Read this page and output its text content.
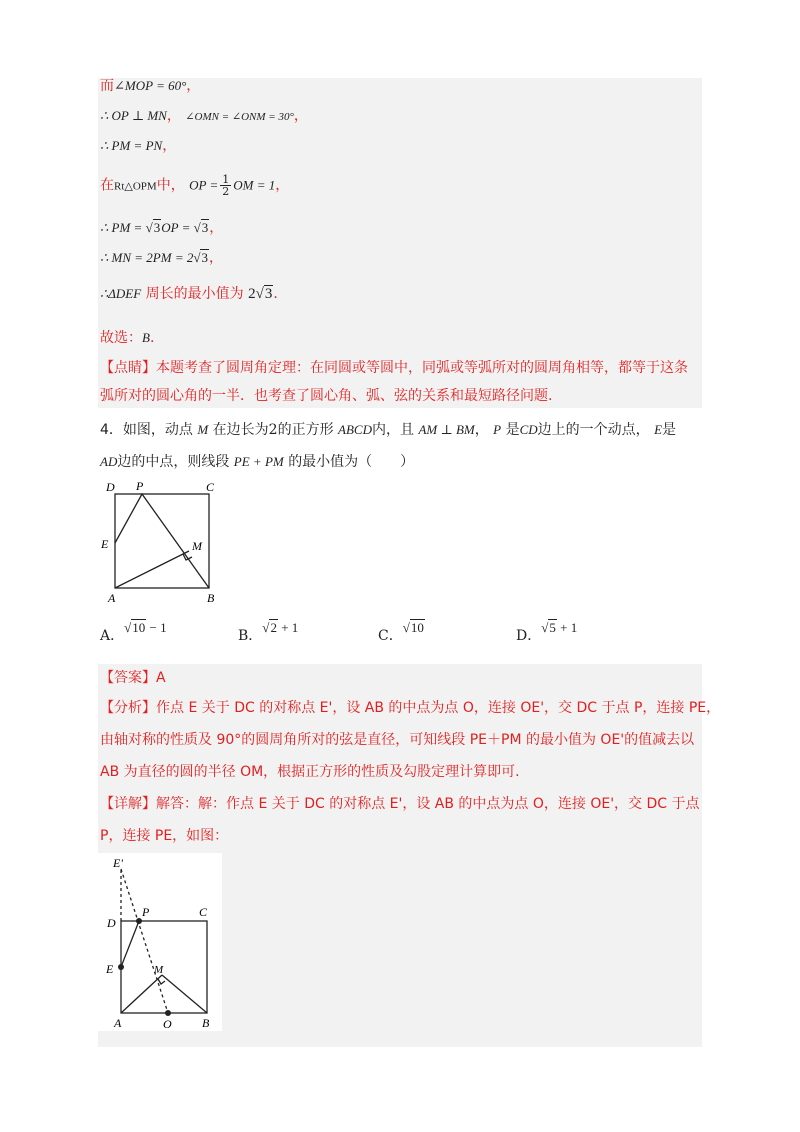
而∠MOP = 60°，
∴ OP ⊥ MN， ∠OMN = ∠ONM = 30°，
∴ PM = PN，
在Rt△OPM中， OP = $\frac{1}{2}$ OM = 1，
∴ PM = √3OP = √3，
∴ MN = 2PM = 2√3，
∴ΔDEF 周长的最小值为 2√3.
故选：B.
【点睛】本题考查了圆周角定理：在同圆或等圆中，同弧或等弧所对的圆周角相等，都等于这条
弧所对的圆心角的一半．也考查了圆心角、弧、弦的关系和最短路径问题.
4．如图，动点 M 在边长为2的正方形 ABCD内，且 AM ⊥ BM， P 是CD边上的一个动点， E是
AD边的中点，则线段 PE + PM 的最小值为（　　）
D P	C
E	M
A	B
A．√10 − 1
B．√2 + 1
C．√10
D．√5 + 1
【答案】A
【分析】作点 E 关于 DC 的对称点 E'，设 AB 的中点为点 O，连接 OE'，交 DC 于点 P，连接 PE，
由轴对称的性质及 90°的圆周角所对的弦是直径，可知线段 PE＋PM 的最小值为 OE'的值减去以
AB 为直径的圆的半径 OM，根据正方形的性质及勾股定理计算即可.
【详解】解答：解：作点 E 关于 DC 的对称点 E'，设 AB 的中点为点 O，连接 OE'，交 DC 于点
P，连接 PE，如图：
E'
D
P	C
E	M
A	O	B
